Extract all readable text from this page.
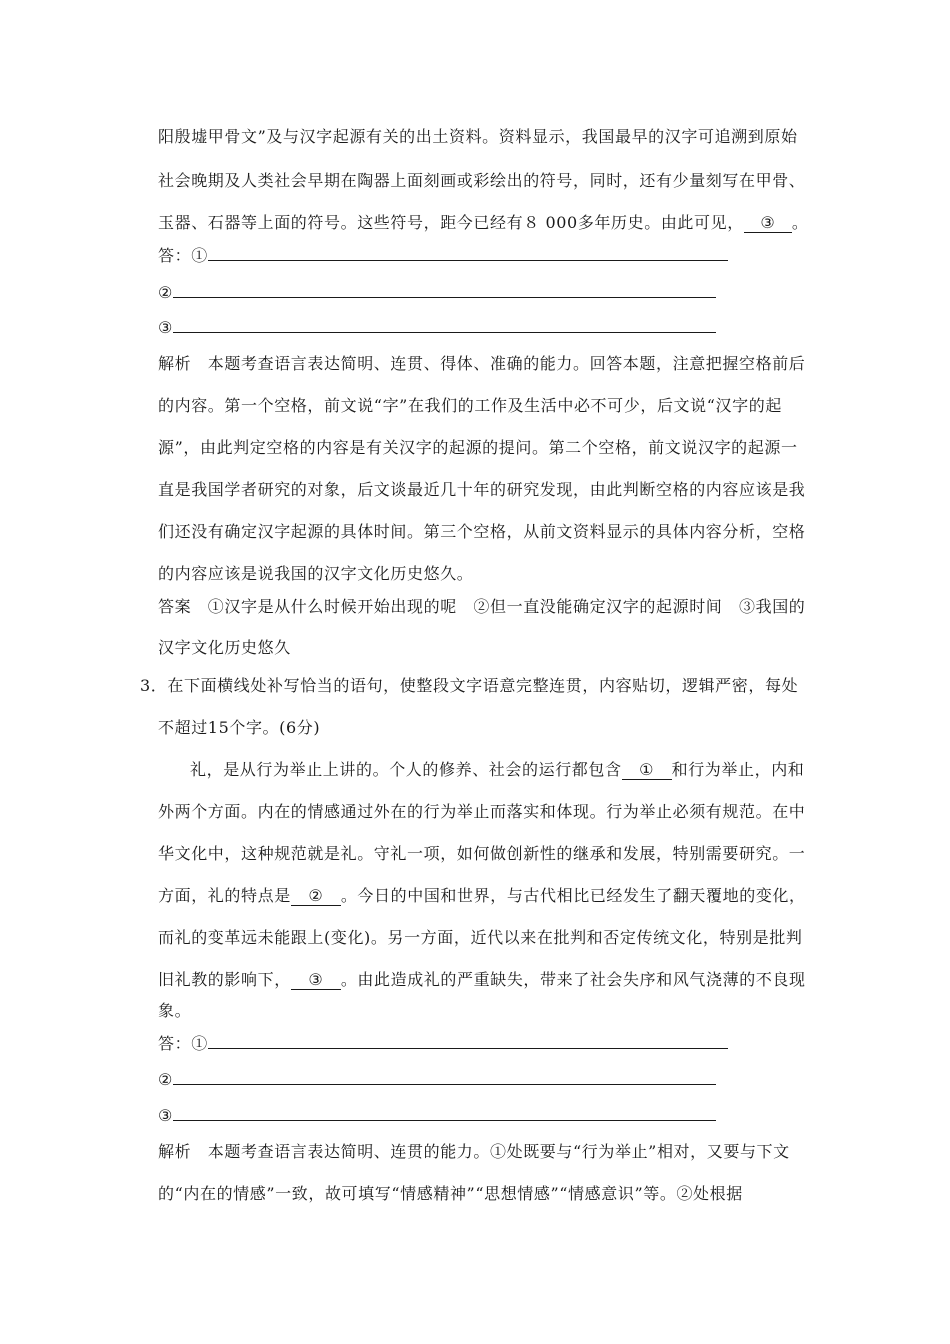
阳殷墟甲骨文”及与汉字起源有关的出土资料。资料显示，我国最早的汉字可追溯到原始
社会晚期及人类社会早期在陶器上面刻画或彩绘出的符号，同时，还有少量刻写在甲骨、
玉器、石器等上面的符号。这些符号，距今已经有８ 000多年历史。由此可见， ③ 。
答：①
②
③
解析　本题考查语言表达简明、连贯、得体、准确的能力。回答本题，注意把握空格前后
的内容。第一个空格，前文说“字”在我们的工作及生活中必不可少，后文说“汉字的起
源”，由此判定空格的内容是有关汉字的起源的提问。第二个空格，前文说汉字的起源一
直是我国学者研究的对象，后文谈最近几十年的研究发现，由此判断空格的内容应该是我
们还没有确定汉字起源的具体时间。第三个空格，从前文资料显示的具体内容分析，空格
的内容应该是说我国的汉字文化历史悠久。
答案　①汉字是从什么时候开始出现的呢　②但一直没能确定汉字的起源时间　③我国的
汉字文化历史悠久
3．在下面横线处补写恰当的语句，使整段文字语意完整连贯，内容贴切，逻辑严密，每处
不超过15个字。(6分)
礼，是从行为举止上讲的。个人的修养、社会的运行都包含 ① 和行为举止，内和
外两个方面。内在的情感通过外在的行为举止而落实和体现。行为举止必须有规范。在中
华文化中，这种规范就是礼。守礼一项，如何做创新性的继承和发展，特别需要研究。一
方面，礼的特点是 ② 。今日的中国和世界，与古代相比已经发生了翻天覆地的变化，
而礼的变革远未能跟上(变化)。另一方面，近代以来在批判和否定传统文化，特别是批判
旧礼教的影响下， ③ 。由此造成礼的严重缺失，带来了社会失序和风气浇薄的不良现
象。
答：①
②
③
解析　本题考查语言表达简明、连贯的能力。①处既要与“行为举止”相对，又要与下文
的“内在的情感”一致，故可填写“情感精神”“思想情感”“情感意识”等。②处根据
